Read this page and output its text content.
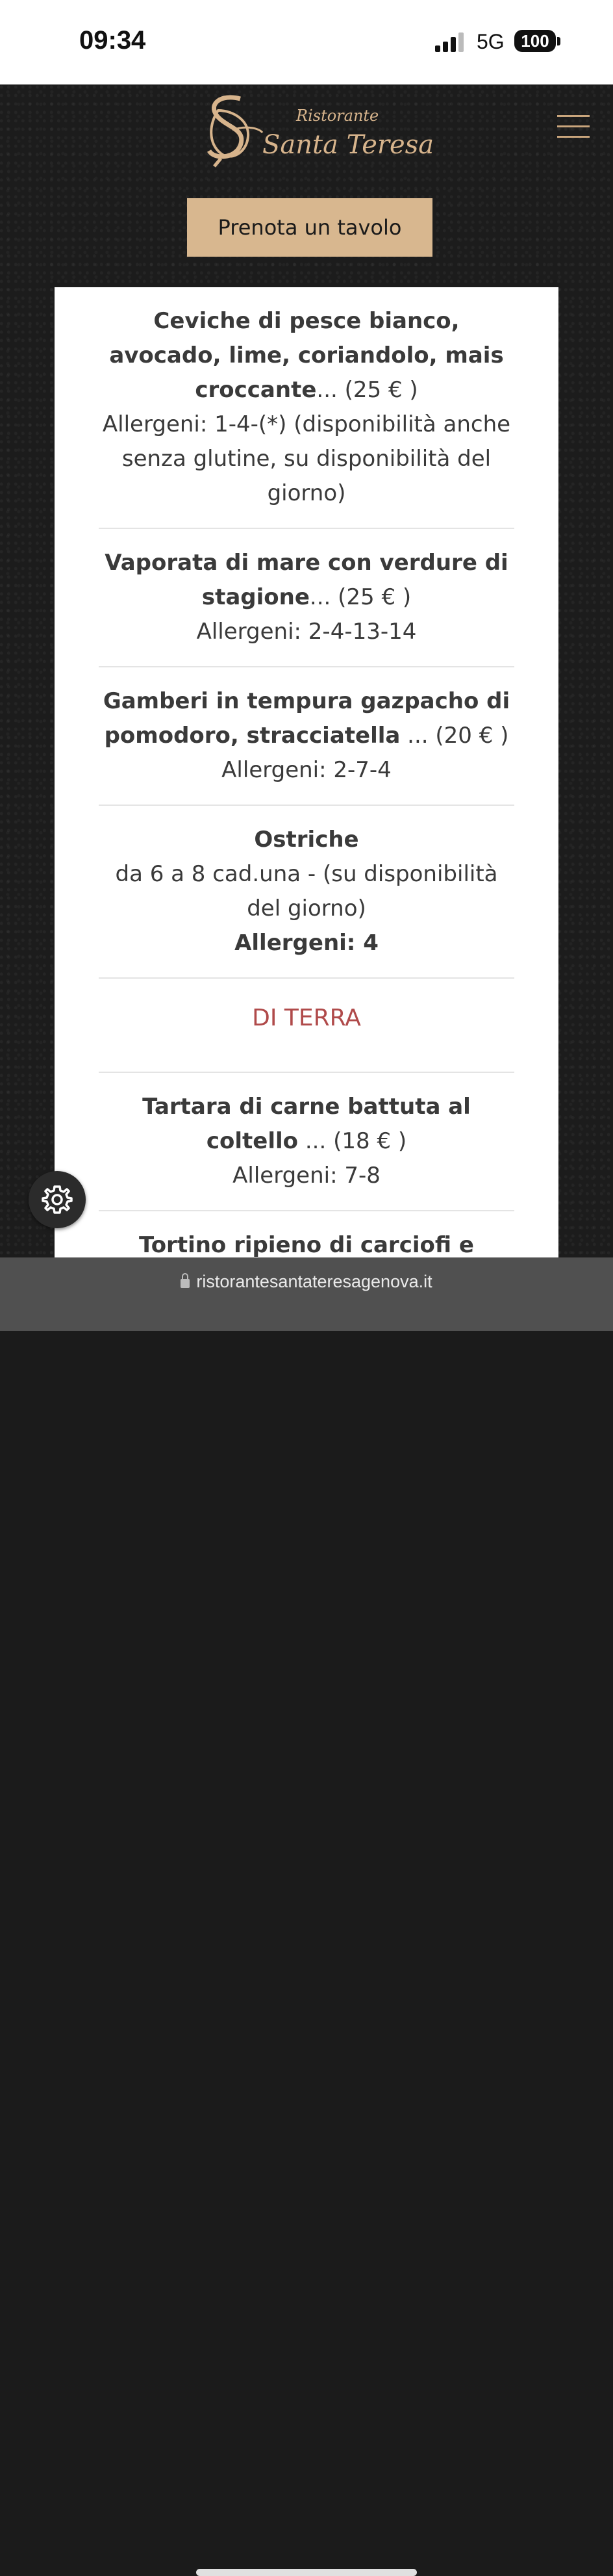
09:34	5G 100
Ristorante
Santa Teresa
Prenota un tavolo
Ceviche di pesce bianco, avocado, lime, coriandolo, mais croccante... (25 € )
Allergeni: 1-4-(*) (disponibilità anche senza glutine, su disponibilità del giorno)
Vaporata di mare con verdure di stagione... (25 € )
Allergeni: 2-4-13-14
Gamberi in tempura gazpacho di pomodoro, stracciatella ... (20 € )
Allergeni: 2-7-4
Ostriche
da 6 a 8 cad.una - (su disponibilità del giorno)
Allergeni: 4
DI TERRA
Tartara di carne battuta al coltello ... (18 € )
Allergeni: 7-8
Tortino ripieno di carciofi e
ristorantesantateresagenova.it
